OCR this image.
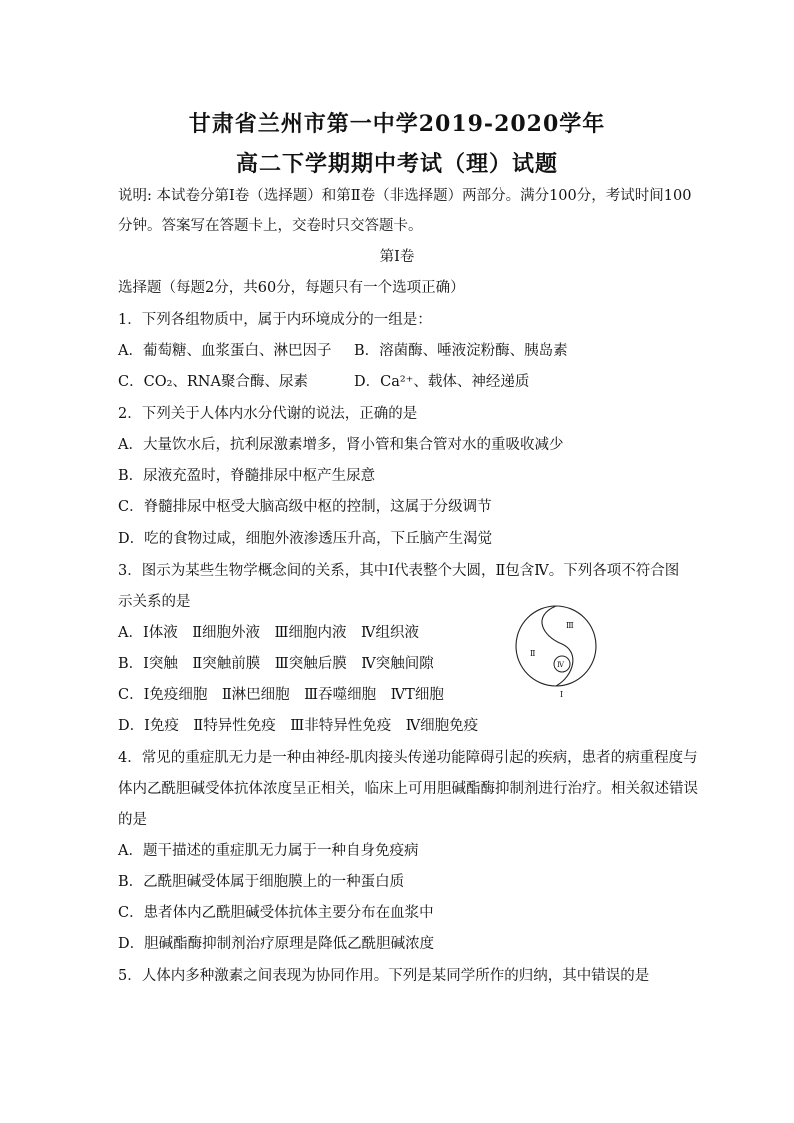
甘肃省兰州市第一中学2019-2020学年
高二下学期期中考试（理）试题
说明: 本试卷分第Ⅰ卷（选择题）和第Ⅱ卷（非选择题）两部分。满分100分，考试时间100
分钟。答案写在答题卡上，交卷时只交答题卡。
第Ⅰ卷
选择题（每题2分，共60分，每题只有一个选项正确）
1．下列各组物质中，属于内环境成分的一组是：
A．葡萄糖、血浆蛋白、淋巴因子 B．溶菌酶、唾液淀粉酶、胰岛素
C．CO₂、RNA聚合酶、尿素	D．Ca²⁺、载体、神经递质
2．下列关于人体内水分代谢的说法，正确的是
A．大量饮水后，抗利尿激素增多，肾小管和集合管对水的重吸收减少
B．尿液充盈时，脊髓排尿中枢产生尿意
C．脊髓排尿中枢受大脑高级中枢的控制，这属于分级调节
D．吃的食物过咸，细胞外液渗透压升高，下丘脑产生渴觉
3．图示为某些生物学概念间的关系，其中Ⅰ代表整个大圆，Ⅱ包含Ⅳ。下列各项不符合图
示关系的是
A．Ⅰ体液　Ⅱ细胞外液　Ⅲ细胞内液　Ⅳ组织液
B．Ⅰ突触　Ⅱ突触前膜　Ⅲ突触后膜　Ⅳ突触间隙
C．Ⅰ免疫细胞　Ⅱ淋巴细胞　Ⅲ吞噬细胞　ⅣT细胞
D．Ⅰ免疫　Ⅱ特异性免疫　Ⅲ非特异性免疫　Ⅳ细胞免疫
Ⅰ
Ⅱ
Ⅲ
Ⅳ
4．常见的重症肌无力是一种由神经-肌肉接头传递功能障碍引起的疾病，患者的病重程度与
体内乙酰胆碱受体抗体浓度呈正相关，临床上可用胆碱酯酶抑制剂进行治疗。相关叙述错误
的是
A．题干描述的重症肌无力属于一种自身免疫病
B．乙酰胆碱受体属于细胞膜上的一种蛋白质
C．患者体内乙酰胆碱受体抗体主要分布在血浆中
D．胆碱酯酶抑制剂治疗原理是降低乙酰胆碱浓度
5．人体内多种激素之间表现为协同作用。下列是某同学所作的归纳，其中错误的是
